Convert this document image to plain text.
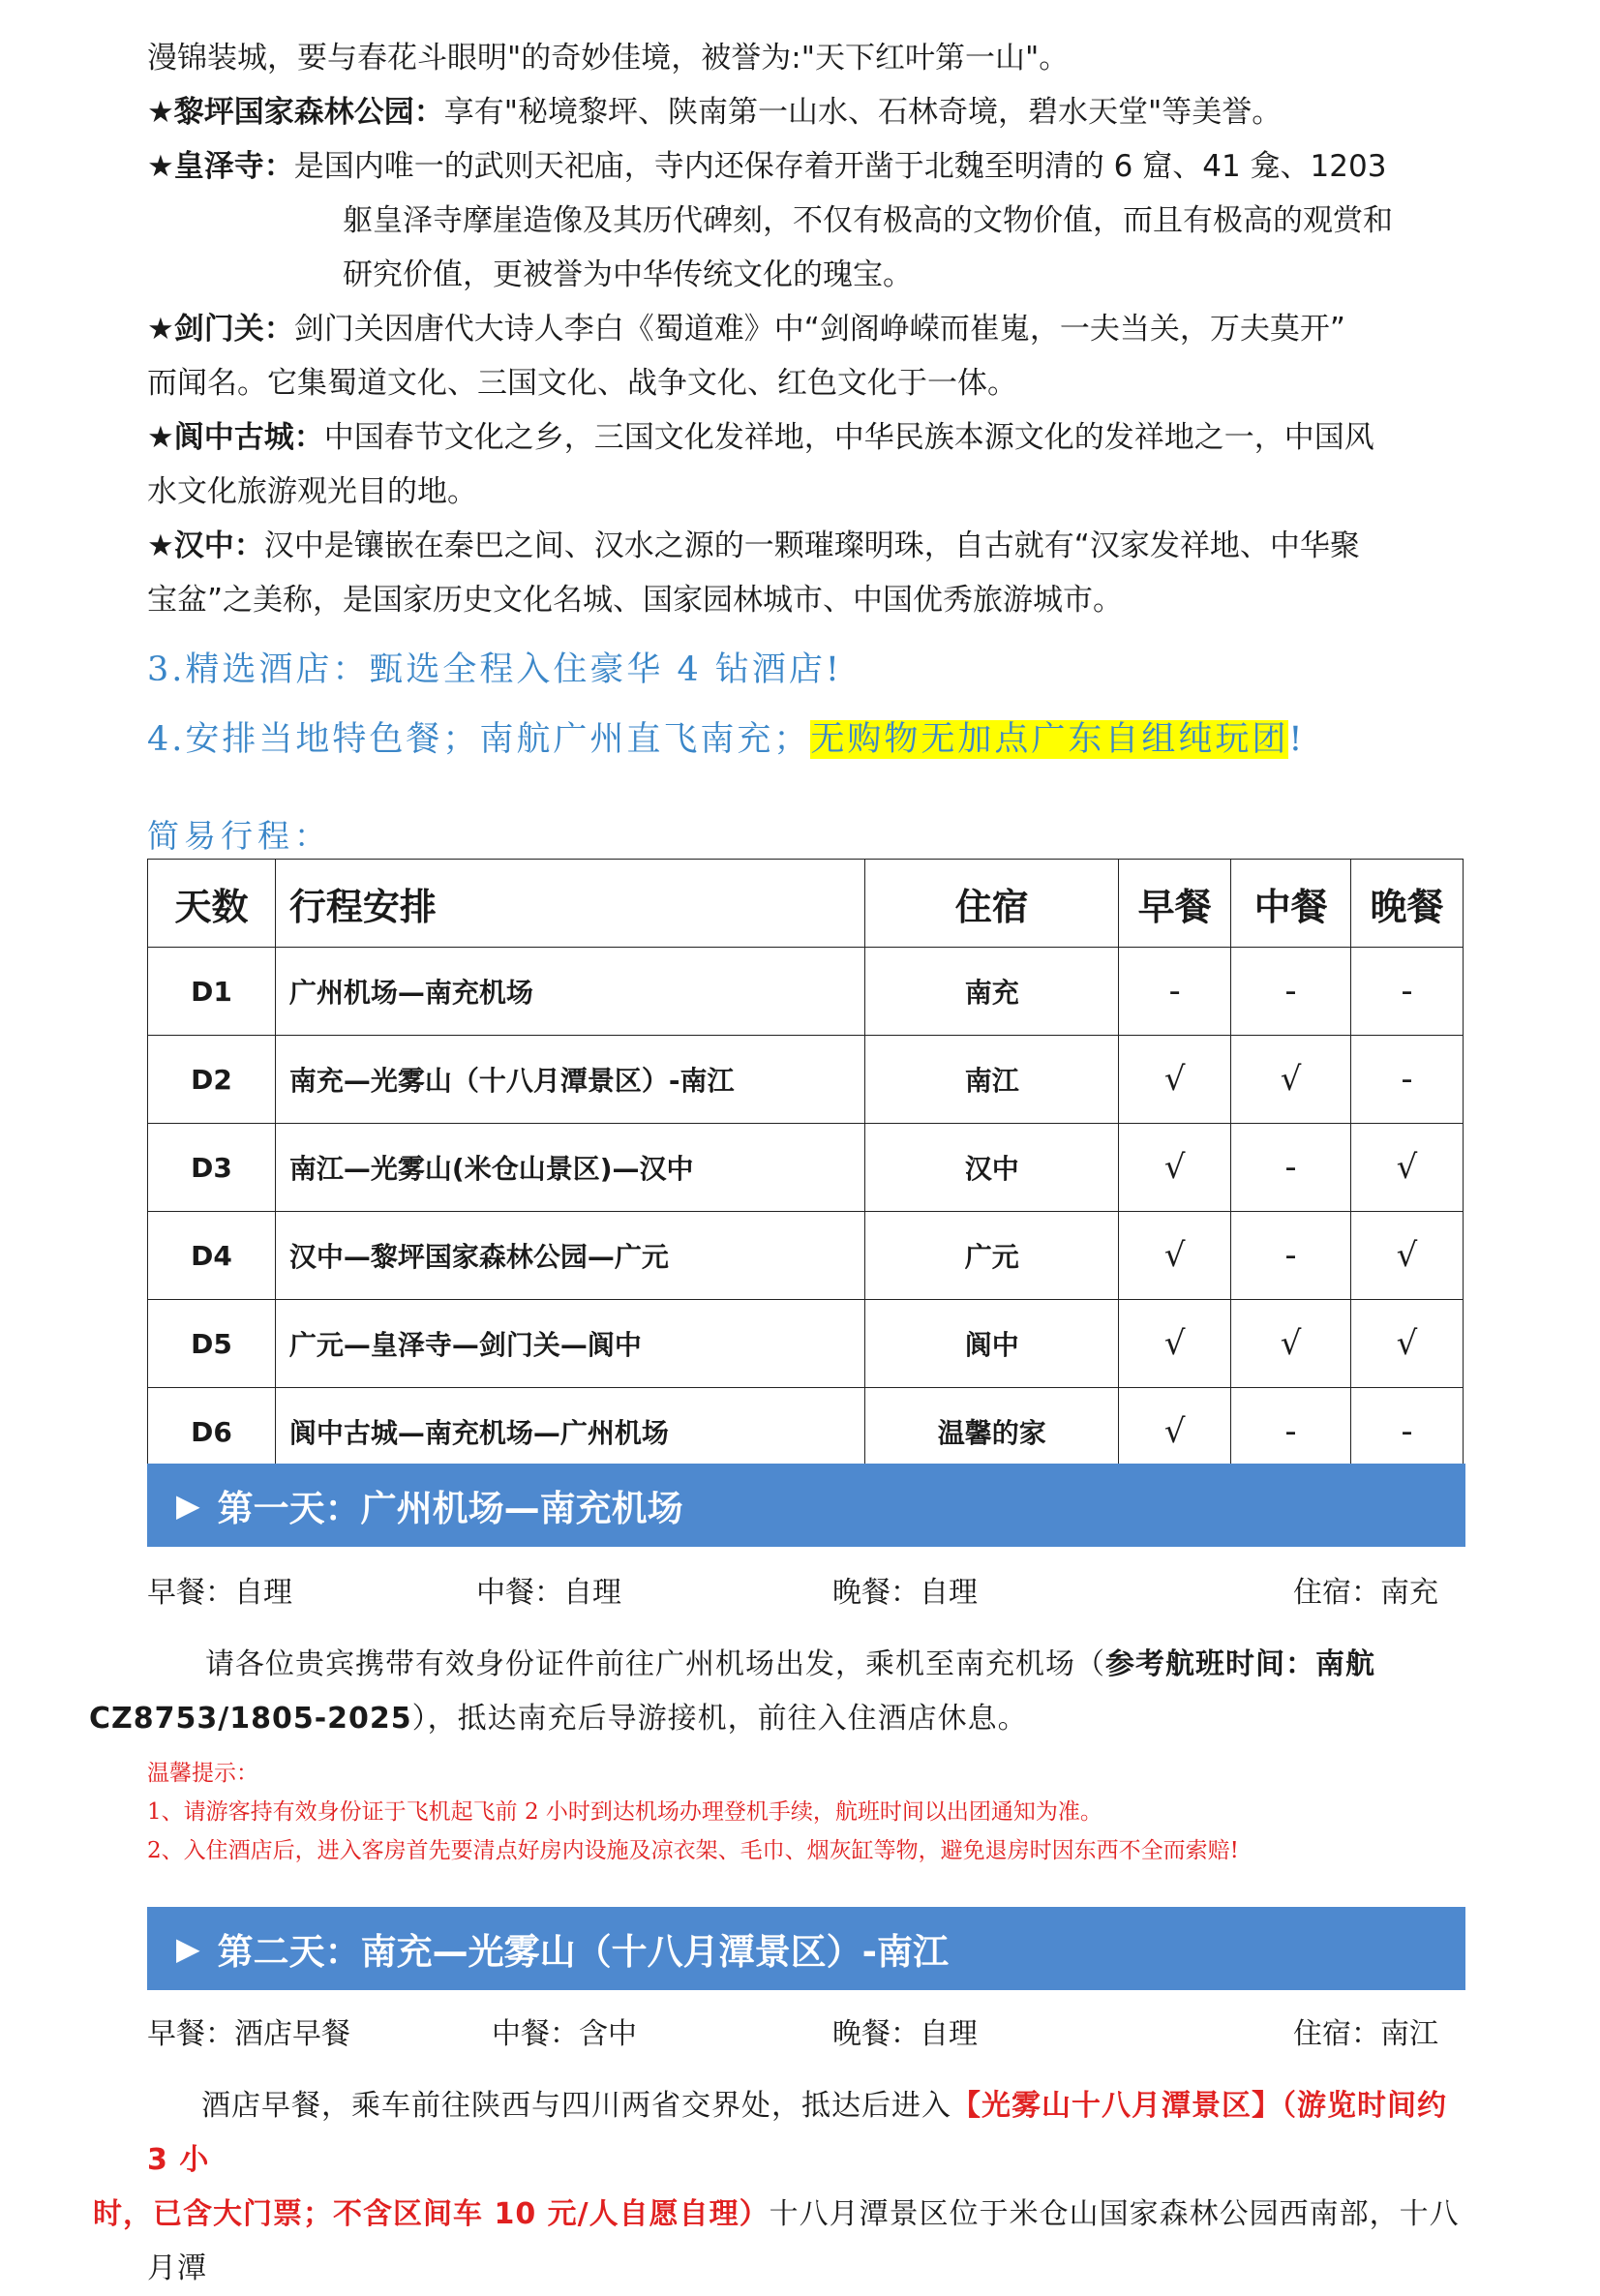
漫锦装城，要与春花斗眼明"的奇妙佳境，被誉为:"天下红叶第一山"。

★黎坪国家森林公园：享有"秘境黎坪、陕南第一山水、石林奇境，碧水天堂"等美誉。

★皇泽寺：是国内唯一的武则天祀庙，寺内还保存着开凿于北魏至明清的 6 窟、41 龛、1203
躯皇泽寺摩崖造像及其历代碑刻，不仅有极高的文物价值，而且有极高的观赏和
研究价值，更被誉为中华传统文化的瑰宝。

★剑门关：剑门关因唐代大诗人李白《蜀道难》中“剑阁峥嵘而崔嵬，一夫当关，万夫莫开”
而闻名。它集蜀道文化、三国文化、战争文化、红色文化于一体。

★阆中古城：中国春节文化之乡，三国文化发祥地，中华民族本源文化的发祥地之一，中国风
水文化旅游观光目的地。

★汉中：汉中是镶嵌在秦巴之间、汉水之源的一颗璀璨明珠，自古就有“汉家发祥地、中华聚
宝盆”之美称，是国家历史文化名城、国家园林城市、中国优秀旅游城市。

3.精选酒店：甄选全程入住豪华 4 钻酒店!

4.安排当地特色餐；南航广州直飞南充；无购物无加点广东自组纯玩团!

简易行程：

天数	行程安排	住宿	早餐	中餐	晚餐
D1	广州机场—南充机场	南充	-	-	-
D2	南充—光雾山（十八月潭景区）-南江	南江	√	√	-
D3	南江—光雾山(米仓山景区)—汉中	汉中	√	-	√
D4	汉中—黎坪国家森林公园—广元	广元	√	-	√
D5	广元—皇泽寺—剑门关—阆中	阆中	√	√	√
D6	阆中古城—南充机场—广州机场	温馨的家	√	-	-
▶ 第一天：广州机场—南充机场
早餐：自理	中餐：自理	晚餐：自理	住宿：南充

请各位贵宾携带有效身份证件前往广州机场出发，乘机至南充机场（参考航班时间：南航
CZ8753/1805-2025），抵达南充后导游接机，前往入住酒店休息。

温馨提示：
1、请游客持有效身份证于飞机起飞前 2 小时到达机场办理登机手续，航班时间以出团通知为准。
2、入住酒店后，进入客房首先要清点好房内设施及凉衣架、毛巾、烟灰缸等物，避免退房时因东西不全而索赔!

▶ 第二天：南充—光雾山（十八月潭景区）-南江
早餐：酒店早餐	中餐：含中	晚餐：自理	住宿：南江

酒店早餐，乘车前往陕西与四川两省交界处，抵达后进入【光雾山十八月潭景区】（游览时间约 3 小
时，已含大门票；不含区间车 10 元/人自愿自理）十八月潭景区位于米仓山国家森林公园西南部，十八月潭
